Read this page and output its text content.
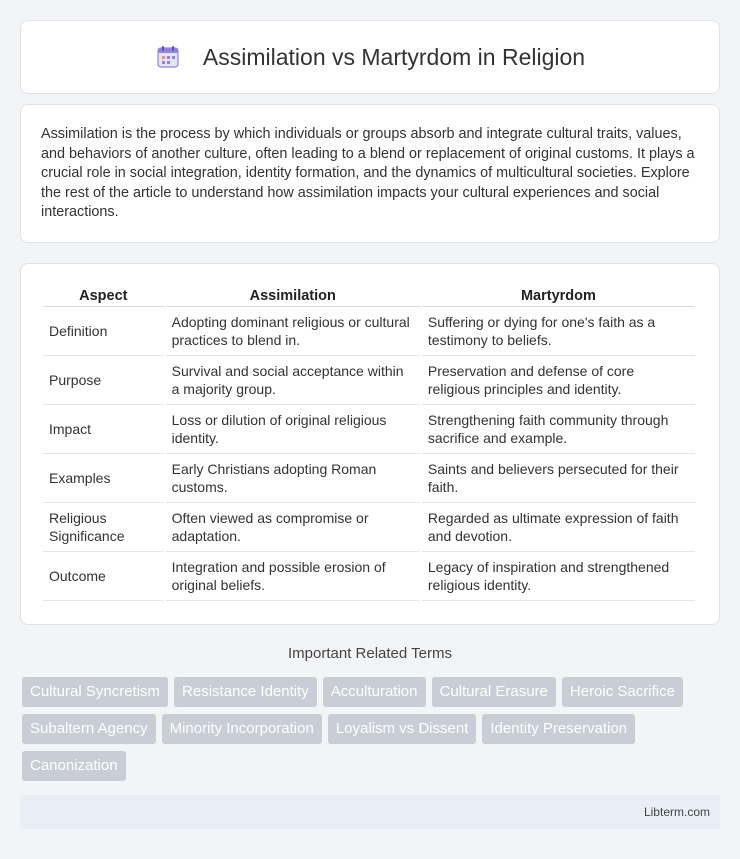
Assimilation vs Martyrdom in Religion

Assimilation is the process by which individuals or groups absorb and integrate cultural traits, values, and behaviors of another culture, often leading to a blend or replacement of original customs. It plays a crucial role in social integration, identity formation, and the dynamics of multicultural societies. Explore the rest of the article to understand how assimilation impacts your cultural experiences and social interactions.

Aspect	Assimilation	Martyrdom
Definition	Adopting dominant religious or cultural practices to blend in.	Suffering or dying for one's faith as a testimony to beliefs.
Purpose	Survival and social acceptance within a majority group.	Preservation and defense of core religious principles and identity.
Impact	Loss or dilution of original religious identity.	Strengthening faith community through sacrifice and example.
Examples	Early Christians adopting Roman customs.	Saints and believers persecuted for their faith.
Religious Significance	Often viewed as compromise or adaptation.	Regarded as ultimate expression of faith and devotion.
Outcome	Integration and possible erosion of original beliefs.	Legacy of inspiration and strengthened religious identity.
Important Related Terms
Cultural Syncretism	Resistance Identity	Acculturation	Cultural Erasure	Heroic Sacrifice
Subaltern Agency	Minority Incorporation	Loyalism vs Dissent	Identity Preservation
Canonization
Libterm.com
